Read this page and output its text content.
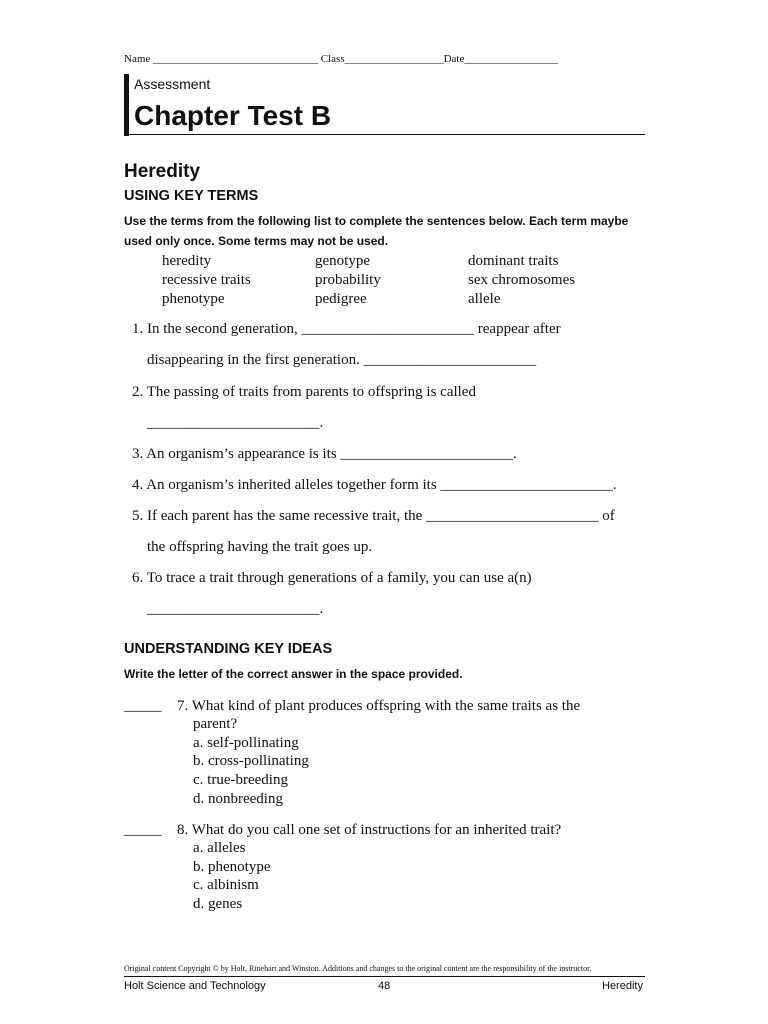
Name ______________________________ Class__________________Date_________________
Assessment
Chapter Test B
Heredity
USING KEY TERMS
Use the terms from the following list to complete the sentences below. Each term maybe used only once. Some terms may not be used.
heredity
recessive traits
phenotype
genotype
probability
pedigree
dominant traits
sex chromosomes
allele
1. In the second generation, _______________________ reappear after
disappearing in the first generation. _______________________
2. The passing of traits from parents to offspring is called
_______________________.
3. An organism’s appearance is its _______________________.
4. An organism’s inherited alleles together form its _______________________.
5. If each parent has the same recessive trait, the _______________________ of
the offspring having the trait goes up.
6. To trace a trait through generations of a family, you can use a(n)
_______________________.
UNDERSTANDING KEY IDEAS
Write the letter of the correct answer in the space provided.
_____ 7. What kind of plant produces offspring with the same traits as the
parent?
a. self-pollinating
b. cross-pollinating
c. true-breeding
d. nonbreeding
_____ 8. What do you call one set of instructions for an inherited trait?
a. alleles
b. phenotype
c. albinism
d. genes
Original content Copyright © by Holt, Rinehart and Winston. Additions and changes to the original content are the responsibility of the instructor.
Holt Science and Technology	48	Heredity
